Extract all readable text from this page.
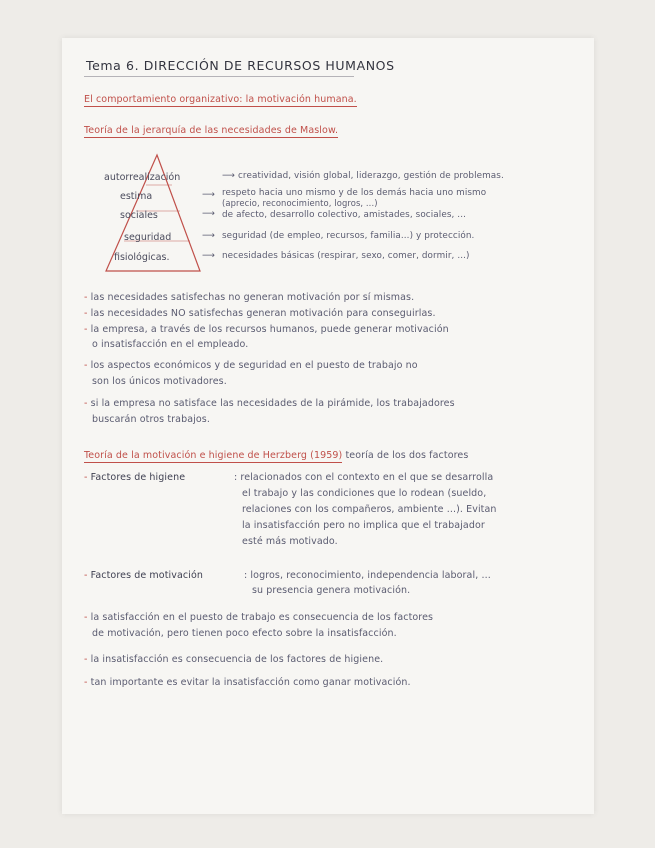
Tema 6. DIRECCIÓN DE RECURSOS HUMANOS
El comportamiento organizativo: la motivación humana.
Teoría de la jerarquía de las necesidades de Maslow.
autorrealización
estima
sociales
seguridad
fisiológicas.
⟶
⟶
⟶
⟶
⟶
creatividad, visión global, liderazgo, gestión de problemas.
respeto hacia uno mismo y de los demás hacia uno mismo
(aprecio, reconocimiento, logros, ...)
de afecto, desarrollo colectivo, amistades, sociales, ...
seguridad (de empleo, recursos, familia...) y protección.
necesidades básicas (respirar, sexo, comer, dormir, ...)
- las necesidades satisfechas no generan motivación por sí mismas.
- las necesidades NO satisfechas generan motivación para conseguirlas.
- la empresa, a través de los recursos humanos, puede generar motivación
o insatisfacción en el empleado.
- los aspectos económicos y de seguridad en el puesto de trabajo no
son los únicos motivadores.
- si la empresa no satisface las necesidades de la pirámide, los trabajadores
buscarán otros trabajos.
Teoría de la motivación e higiene de Herzberg (1959) teoría de los dos factores
- Factores de higiene	: relacionados con el contexto en el que se desarrolla
el trabajo y las condiciones que lo rodean (sueldo,
relaciones con los compañeros, ambiente ...). Evitan
la insatisfacción pero no implica que el trabajador
esté más motivado.
- Factores de motivación	: logros, reconocimiento, independencia laboral, ...
su presencia genera motivación.
- la satisfacción en el puesto de trabajo es consecuencia de los factores
de motivación, pero tienen poco efecto sobre la insatisfacción.
- la insatisfacción es consecuencia de los factores de higiene.
- tan importante es evitar la insatisfacción como ganar motivación.
